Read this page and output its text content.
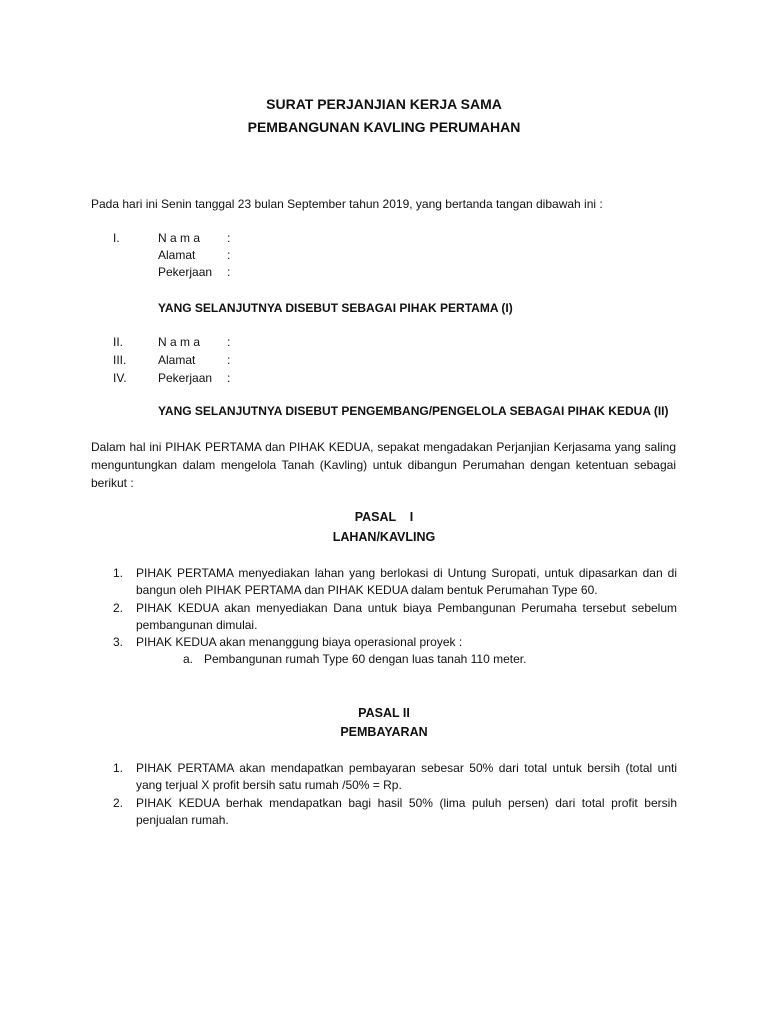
SURAT PERJANJIAN KERJA SAMA
PEMBANGUNAN KAVLING PERUMAHAN
Pada hari ini Senin tanggal 23 bulan September tahun 2019, yang bertanda tangan dibawah ini :
I.	N a m a :
Alamat	:
Pekerjaan :
YANG SELANJUTNYA DISEBUT SEBAGAI PIHAK PERTAMA (I)
II.	N a m a :
III.	Alamat	:
IV.	Pekerjaan :
YANG SELANJUTNYA DISEBUT PENGEMBANG/PENGELOLA SEBAGAI PIHAK KEDUA (II)
Dalam hal ini PIHAK PERTAMA dan PIHAK KEDUA, sepakat mengadakan Perjanjian Kerjasama yang saling menguntungkan dalam mengelola Tanah (Kavling) untuk dibangun Perumahan dengan ketentuan sebagai berikut :
PASAL    I
LAHAN/KAVLING
1. PIHAK PERTAMA menyediakan lahan yang berlokasi di Untung Suropati, untuk dipasarkan dan di bangun oleh PIHAK PERTAMA dan PIHAK KEDUA dalam bentuk Perumahan Type 60.
2. PIHAK KEDUA akan menyediakan Dana untuk biaya Pembangunan Perumaha tersebut sebelum pembangunan dimulai.
3. PIHAK KEDUA akan menanggung biaya operasional proyek :
a. Pembangunan rumah Type 60 dengan luas tanah 110 meter.
PASAL II
PEMBAYARAN
1. PIHAK PERTAMA akan mendapatkan pembayaran sebesar 50% dari total untuk bersih (total unti yang terjual X profit bersih satu rumah /50% = Rp.
2. PIHAK KEDUA berhak mendapatkan bagi hasil 50% (lima puluh persen) dari total profit bersih penjualan rumah.
